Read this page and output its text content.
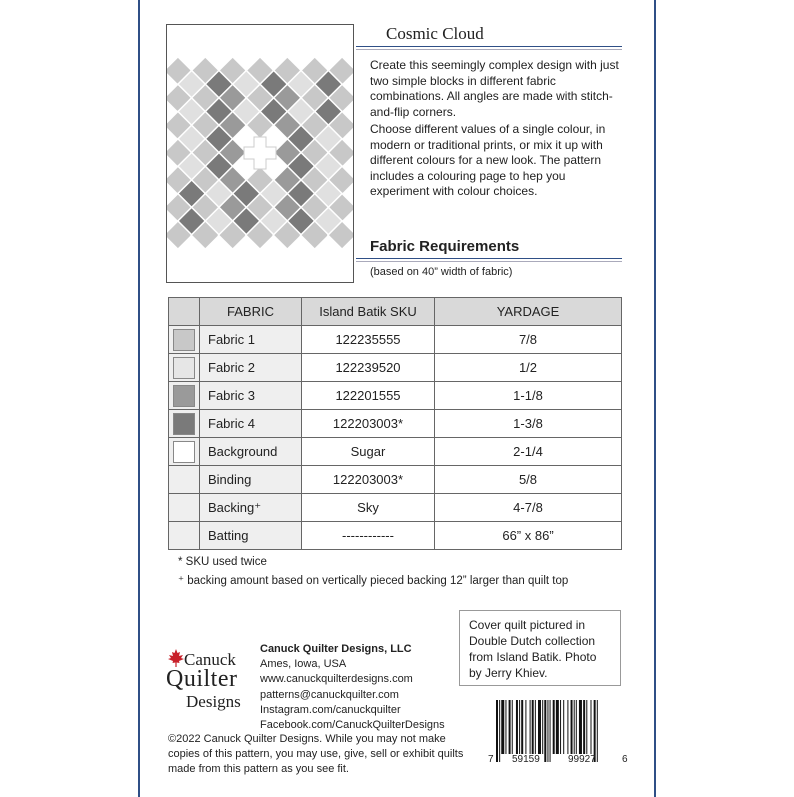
Cosmic Cloud
Create this seemingly complex design with just two simple blocks in different fabric combinations. All angles are made with stitch-and-flip corners.
Choose different values of a single colour, in modern or traditional prints, or mix it up with different colours for a new look. The pattern includes a colouring page to hep you experiment with colour choices.
Fabric Requirements
(based on 40” width of fabric)
	FABRIC	Island Batik SKU	YARDAGE

	Fabric 1	122235555	7/8

	Fabric 2	122239520	1/2

	Fabric 3	122201555	1-1/8

	Fabric 4	122203003*	1-3/8

	Background	Sugar	2-1/4
	Binding	122203003*	5/8
	Backing⁺	Sky	4-7/8
	Batting	------------	66” x 86”
* SKU used twice
⁺ backing amount based on vertically pieced backing 12” larger than quilt top
Cover quilt pictured in
Double Dutch collection
from Island Batik. Photo
by Jerry Khiev.
Canuck
Quilter
Designs
Canuck Quilter Designs, LLC
Ames, Iowa, USA
www.canuckquilterdesigns.com
patterns@canuckquilter.com
Instagram.com/canuckquilter
Facebook.com/CanuckQuilterDesigns
©2022 Canuck Quilter Designs. While you may not make copies of this pattern, you may use, give, sell or exhibit quilts made from this pattern as you see fit.
7 59159	99927	6
